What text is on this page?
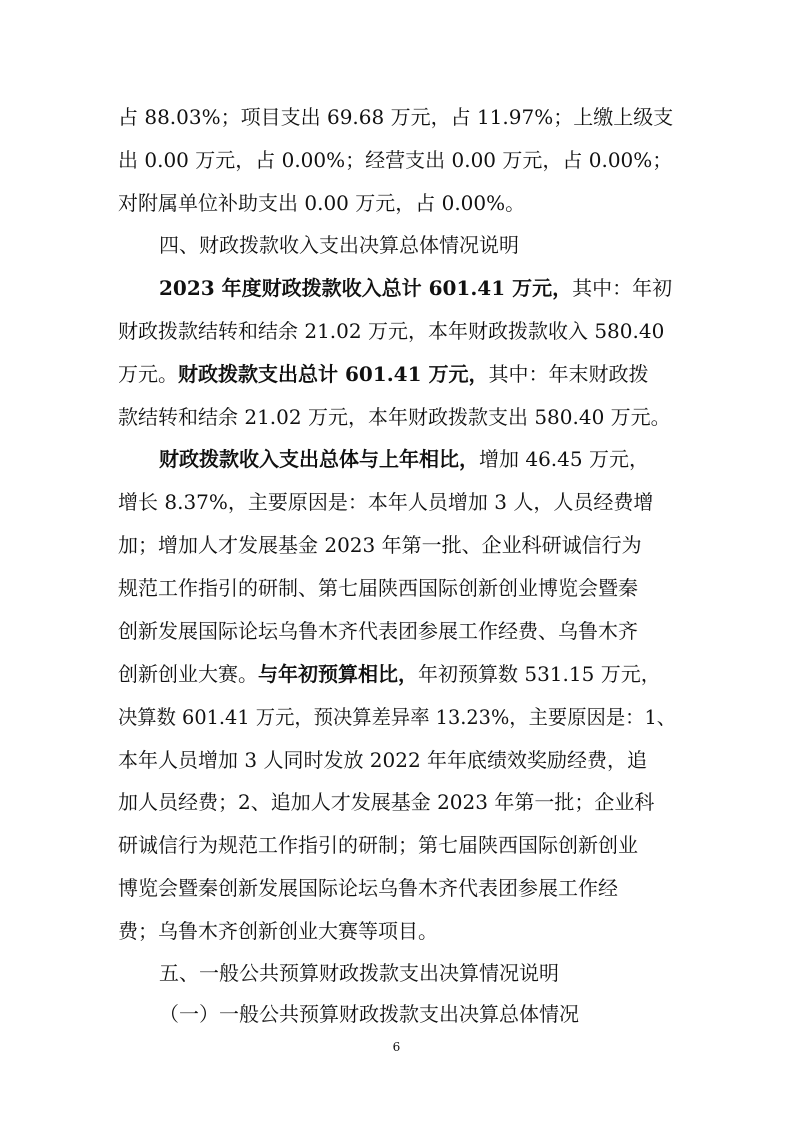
占 88.03%；项目支出 69.68 万元，占 11.97%；上缴上级支
出 0.00 万元，占 0.00%；经营支出 0.00 万元，占 0.00%；
对附属单位补助支出 0.00 万元，占 0.00%。
四、财政拨款收入支出决算总体情况说明
2023 年度财政拨款收入总计 601.41 万元，其中：年初
财政拨款结转和结余 21.02 万元，本年财政拨款收入 580.40
万元。财政拨款支出总计 601.41 万元，其中：年末财政拨
款结转和结余 21.02 万元，本年财政拨款支出 580.40 万元。
财政拨款收入支出总体与上年相比，增加 46.45 万元，
增长 8.37%，主要原因是：本年人员增加 3 人，人员经费增
加；增加人才发展基金 2023 年第一批、企业科研诚信行为
规范工作指引的研制、第七届陕西国际创新创业博览会暨秦
创新发展国际论坛乌鲁木齐代表团参展工作经费、乌鲁木齐
创新创业大赛。与年初预算相比，年初预算数 531.15 万元，
决算数 601.41 万元，预决算差异率 13.23%，主要原因是：1、
本年人员增加 3 人同时发放 2022 年年底绩效奖励经费，追
加人员经费；2、追加人才发展基金 2023 年第一批；企业科
研诚信行为规范工作指引的研制；第七届陕西国际创新创业
博览会暨秦创新发展国际论坛乌鲁木齐代表团参展工作经
费；乌鲁木齐创新创业大赛等项目。
五、一般公共预算财政拨款支出决算情况说明
（一）一般公共预算财政拨款支出决算总体情况
6
